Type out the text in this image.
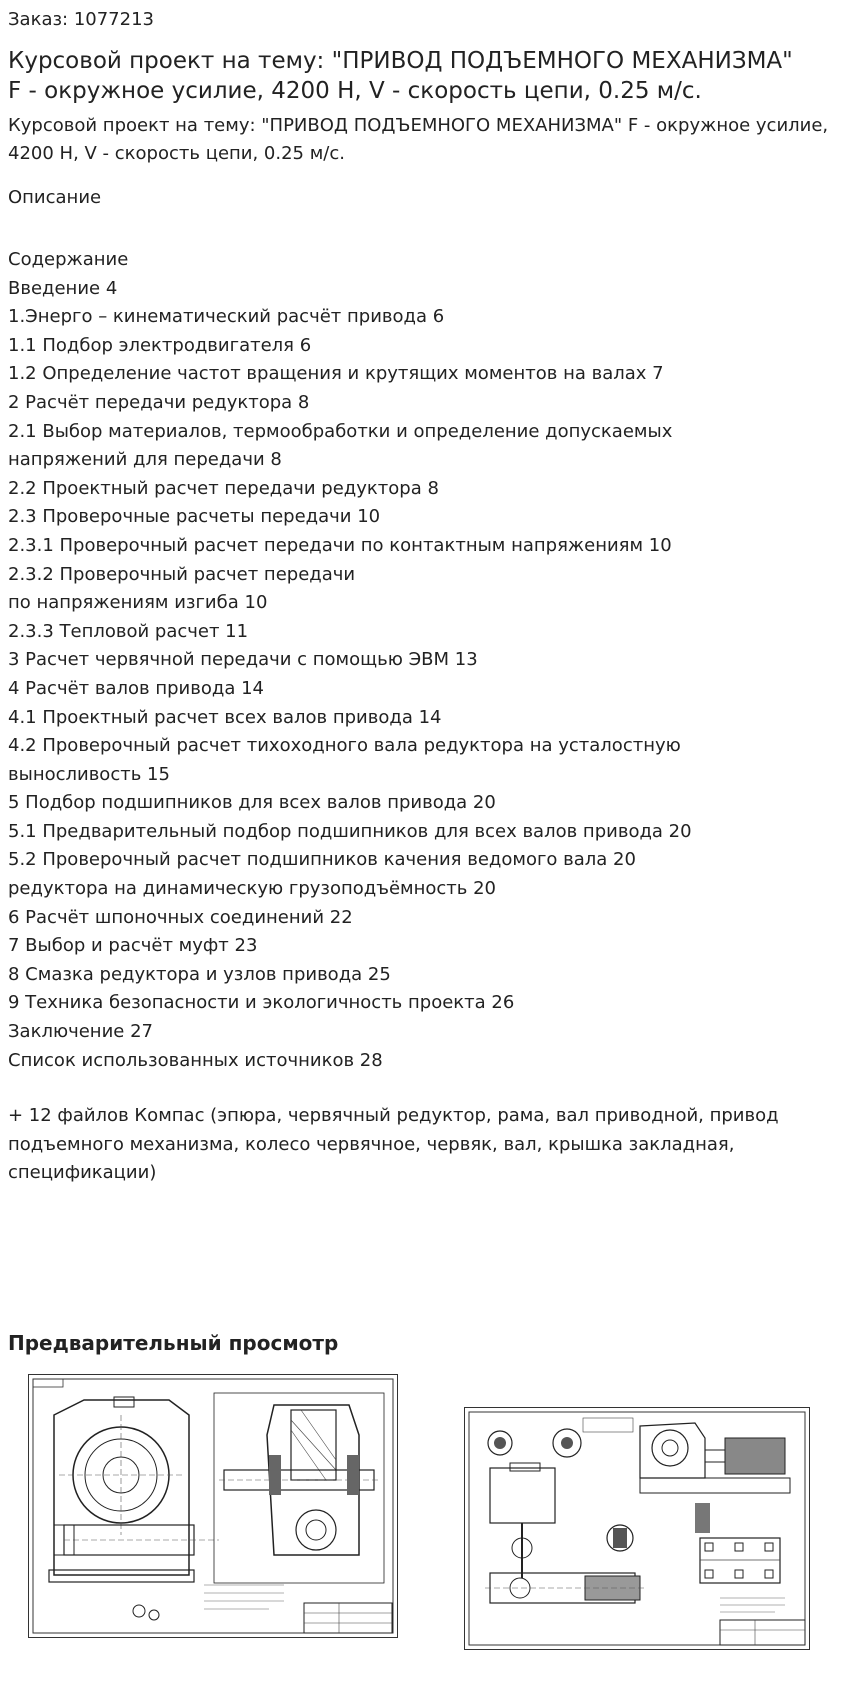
Заказ: 1077213
Курсовой проект на тему: "ПРИВОД ПОДЪЕМНОГО МЕХАНИЗМА"
F - окружное усилие, 4200 Н, V - скорость цепи, 0.25 м/с.
Курсовой проект на тему: "ПРИВОД ПОДЪЕМНОГО МЕХАНИЗМА" F - окружное усилие, 4200 Н, V - скорость цепи, 0.25 м/с.
Описание
Содержание
Введение 4
1.Энерго – кинематический расчёт привода 6
1.1 Подбор электродвигателя 6
1.2 Определение частот вращения и крутящих моментов на валах 7
2 Расчёт передачи редуктора 8
2.1 Выбор материалов, термообработки и определение допускаемых
напряжений для передачи 8
2.2 Проектный расчет передачи редуктора 8
2.3 Проверочные расчеты передачи 10
2.3.1 Проверочный расчет передачи по контактным напряжениям 10
2.3.2 Проверочный расчет передачи
по напряжениям изгиба 10
2.3.3 Тепловой расчет 11
3 Расчет червячной передачи с помощью ЭВМ 13
4 Расчёт валов привода 14
4.1 Проектный расчет всех валов привода 14
4.2 Проверочный расчет тихоходного вала редуктора на усталостную
выносливость 15
5 Подбор подшипников для всех валов привода 20
5.1 Предварительный подбор подшипников для всех валов привода 20
5.2 Проверочный расчет подшипников качения ведомого вала 20
редуктора на динамическую грузоподъёмность 20
6 Расчёт шпоночных соединений 22
7 Выбор и расчёт муфт 23
8 Смазка редуктора и узлов привода 25
9 Техника безопасности и экологичность проекта 26
Заключение 27
Список использованных источников 28
+ 12 файлов Компас (эпюра, червячный редуктор, рама, вал приводной, привод подъемного механизма, колесо червячное, червяк, вал, крышка закладная, спецификации)
Предварительный просмотр
